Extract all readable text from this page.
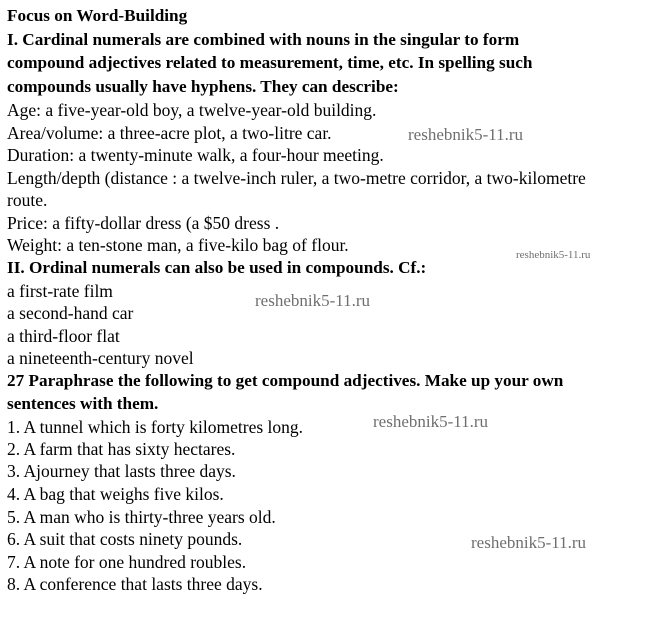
Focus on Word-Building
I. Cardinal numerals are combined with nouns in the singular to form
compound adjectives related to measurement, time, etc. In spelling such
compounds usually have hyphens. They can describe:
Age: a five-year-old boy, a twelve-year-old building.
Area/volume: a three-acre plot, a two-litre car.
Duration: a twenty-minute walk, a four-hour meeting.
Length/depth (distance : a twelve-inch ruler, a two-metre corridor, a two-kilometre
route.
Price: a fifty-dollar dress (a $50 dress .
Weight: a ten-stone man, a five-kilo bag of flour.
II. Ordinal numerals can also be used in compounds. Cf.:
a first-rate film
a second-hand car
a third-floor flat
a nineteenth-century novel
27 Paraphrase the following to get compound adjectives. Make up your own
sentences with them.
1. A tunnel which is forty kilometres long.
2. A farm that has sixty hectares.
3. Ajourney that lasts three days.
4. A bag that weighs five kilos.
5. A man who is thirty-three years old.
6. A suit that costs ninety pounds.
7. A note for one hundred roubles.
8. A conference that lasts three days.
reshebnik5-11.ru
reshebnik5-11.ru
reshebnik5-11.ru
reshebnik5-11.ru
reshebnik5-11.ru
